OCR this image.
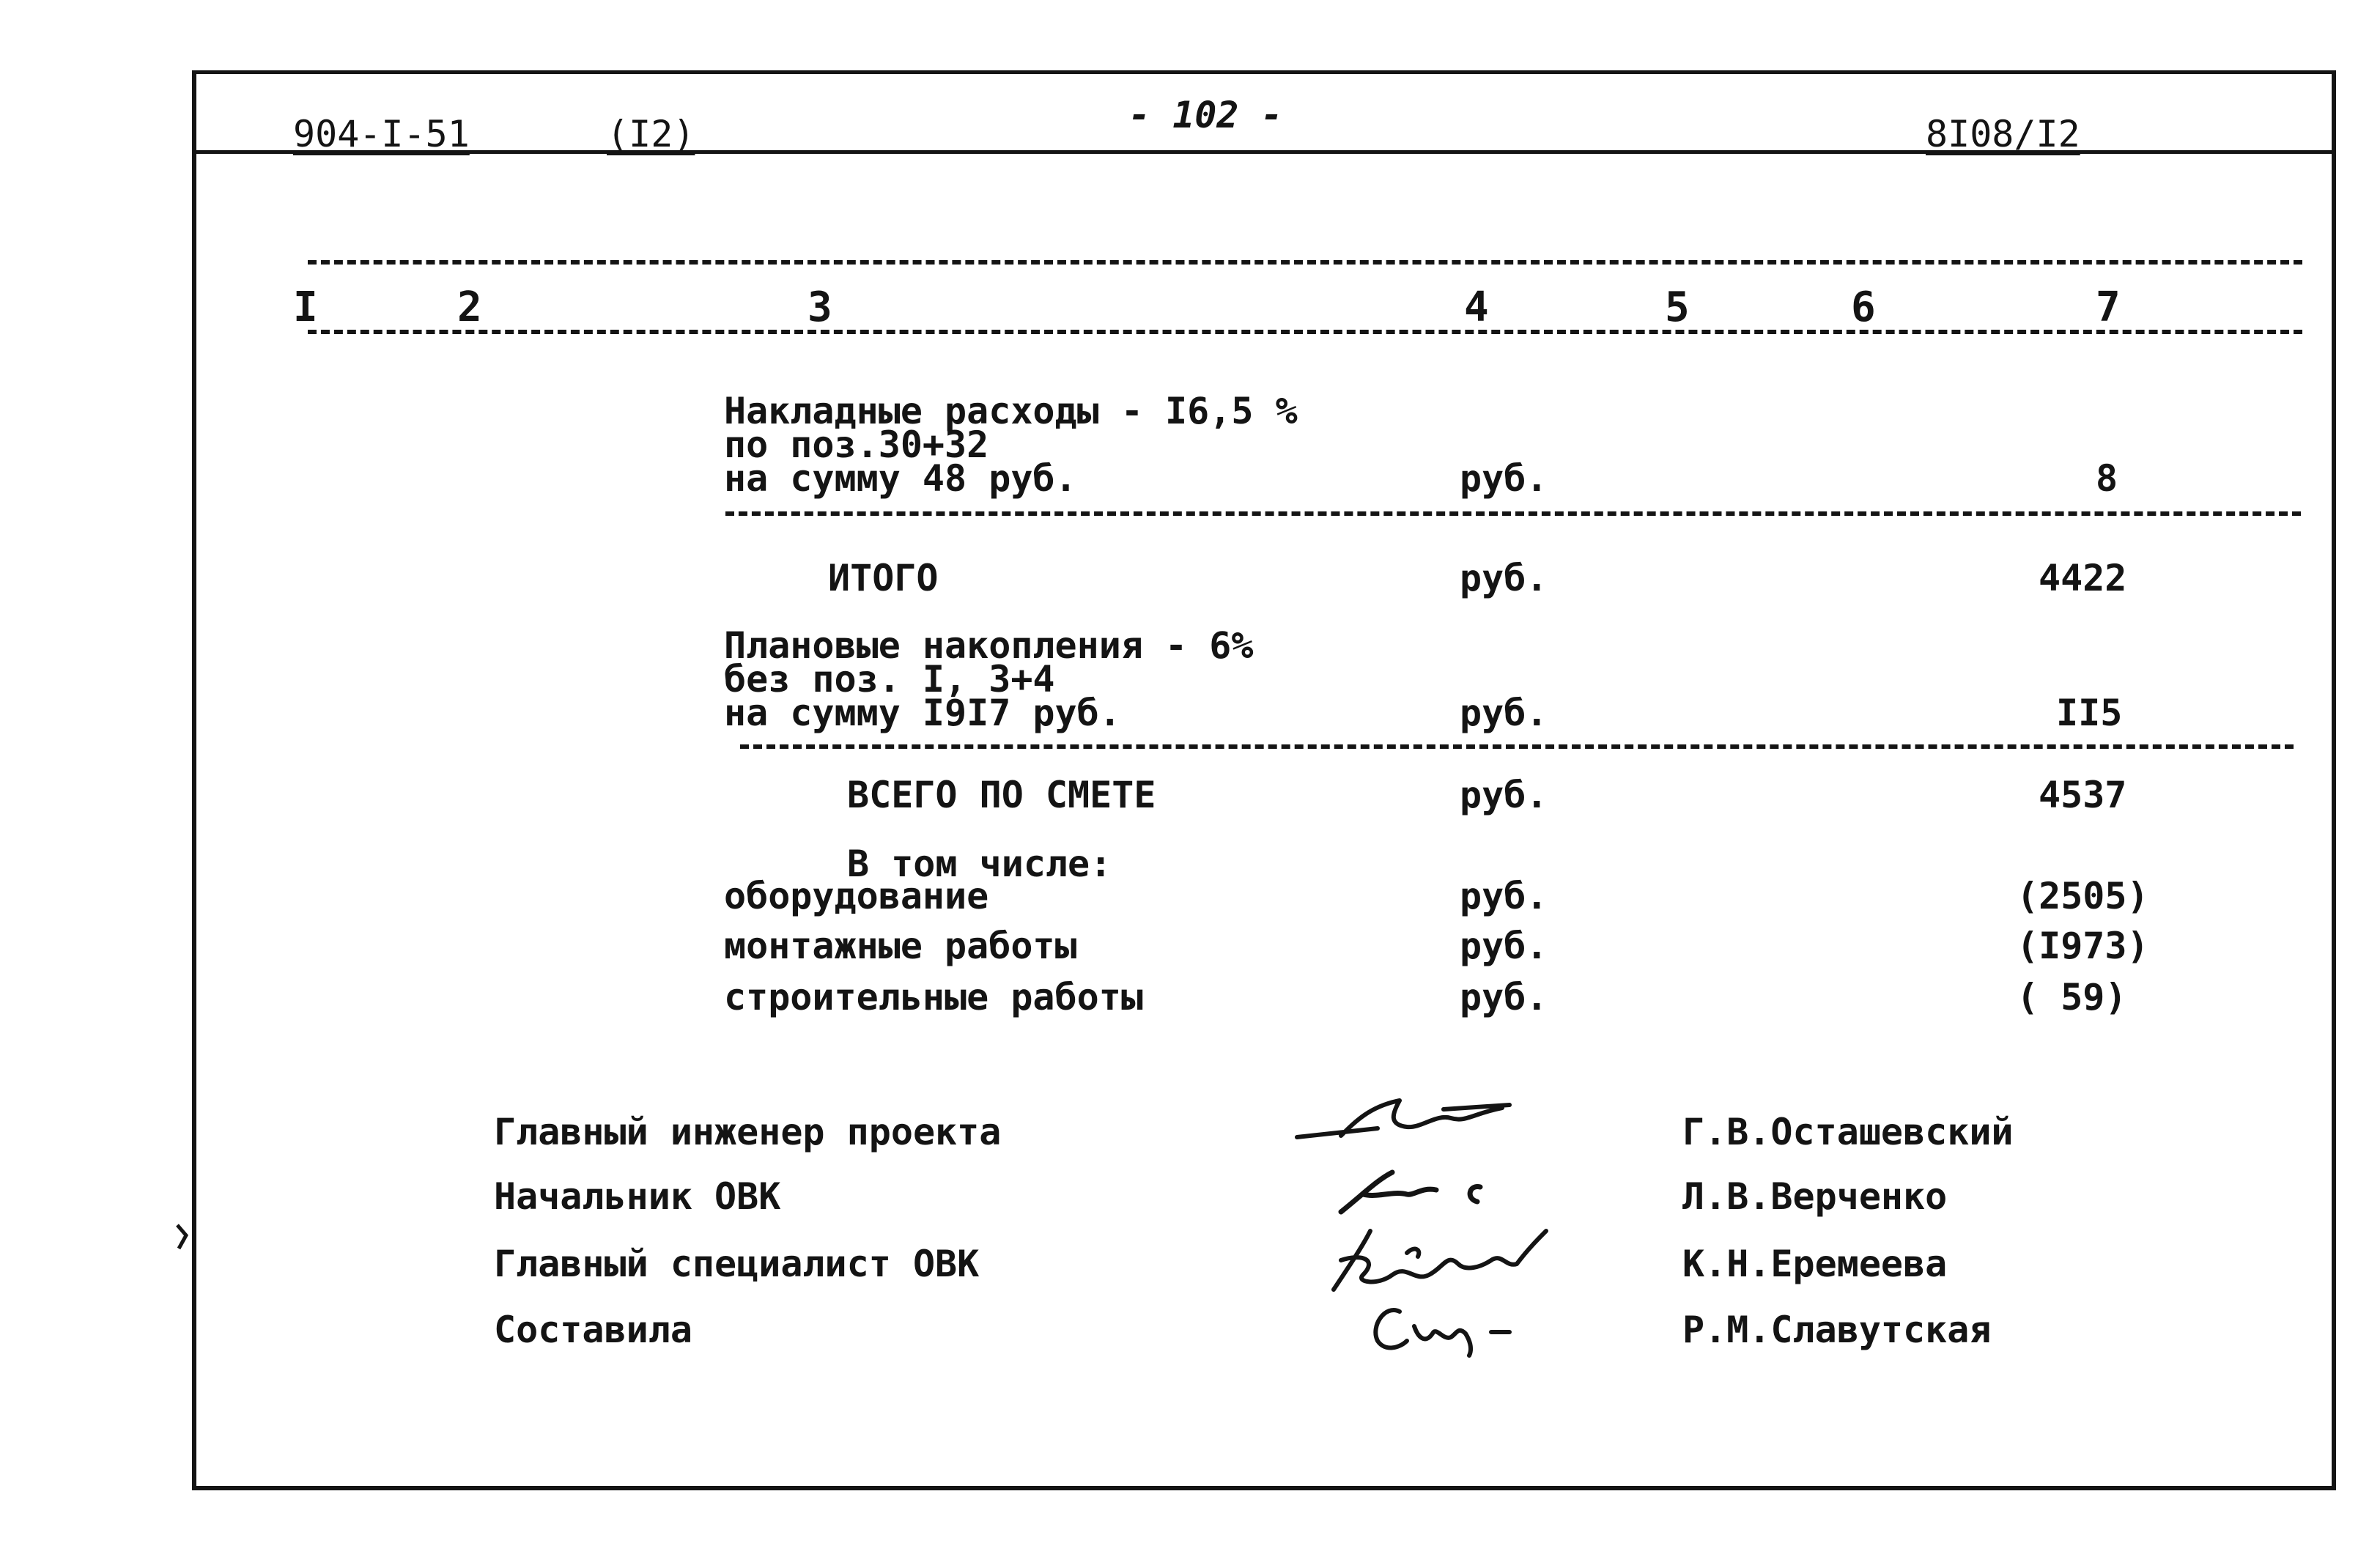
904-I-51	(I2)	- 102 -	8I08/I2
I	2	3	4	5	6	7
Накладные расходы - I6,5 %
по поз.30+32
на сумму 48 руб.	руб.	8
ИТОГО	руб.	4422
Плановые накопления - 6%
без поз. I, 3+4
на сумму I9I7 руб.	руб.	II5
ВСЕГО ПО СМЕТЕ	руб.	4537
В том числе:
оборудование	руб.	(2505)
монтажные работы	руб.	(I973)
строительные работы	руб.	( 59)
Главный инженер проекта	Г.В.Осташевский
Начальник ОВК	Л.В.Верченко
Главный специалист ОВК	К.Н.Еремеева
Составила	Р.М.Славутская
